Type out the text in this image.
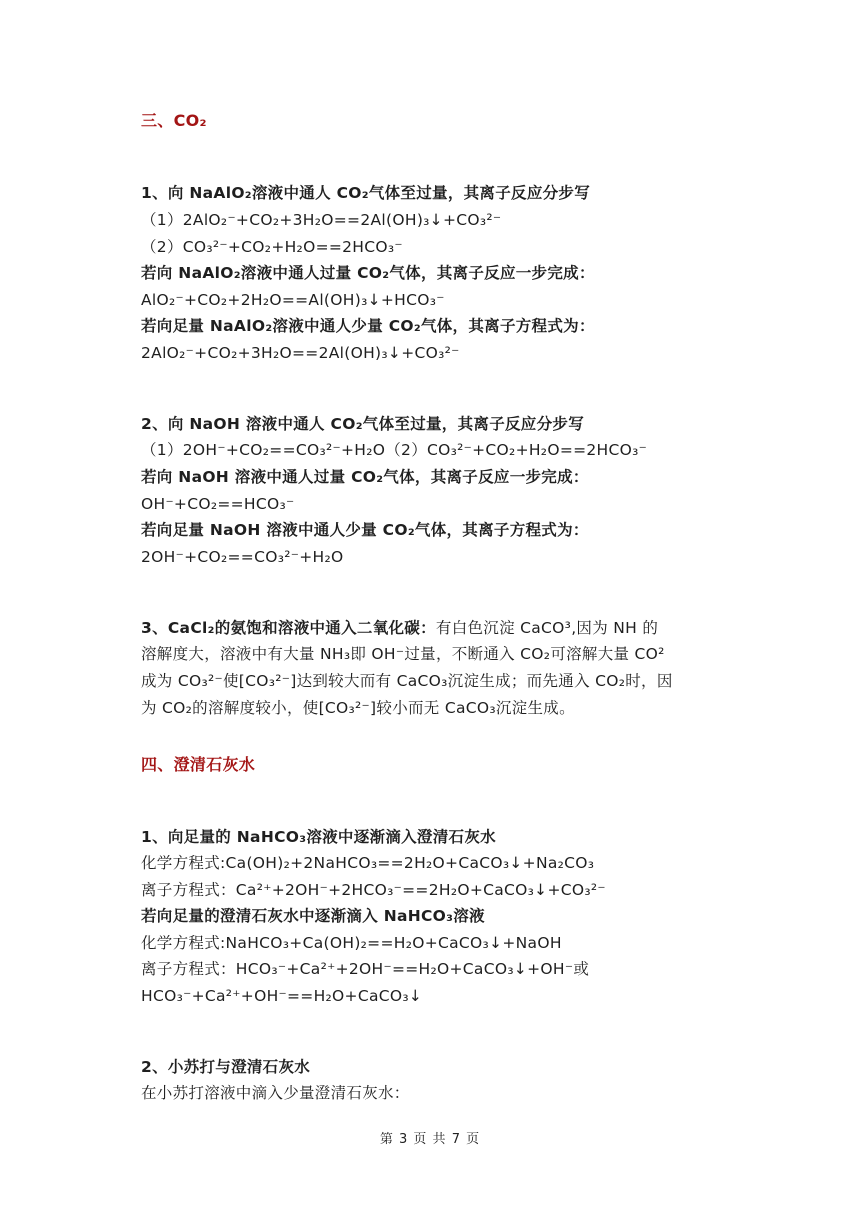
三、CO₂
1、向 NaAlO₂溶液中通人 CO₂气体至过量，其离子反应分步写
（1）2AlO₂⁻+CO₂+3H₂O==2Al(OH)₃↓+CO₃²⁻
（2）CO₃²⁻+CO₂+H₂O==2HCO₃⁻
若向 NaAlO₂溶液中通人过量 CO₂气体，其离子反应一步完成：
AlO₂⁻+CO₂+2H₂O==Al(OH)₃↓+HCO₃⁻
若向足量 NaAlO₂溶液中通人少量 CO₂气体，其离子方程式为：
2AlO₂⁻+CO₂+3H₂O==2Al(OH)₃↓+CO₃²⁻
2、向 NaOH 溶液中通人 CO₂气体至过量，其离子反应分步写
（1）2OH⁻+CO₂==CO₃²⁻+H₂O（2）CO₃²⁻+CO₂+H₂O==2HCO₃⁻
若向 NaOH 溶液中通人过量 CO₂气体，其离子反应一步完成：
OH⁻+CO₂==HCO₃⁻
若向足量 NaOH 溶液中通人少量 CO₂气体，其离子方程式为：
2OH⁻+CO₂==CO₃²⁻+H₂O
3、CaCl₂的氨饱和溶液中通入二氧化碳：有白色沉淀 CaCO³,因为 NH 的
溶解度大，溶液中有大量 NH₃即 OH⁻过量，不断通入 CO₂可溶解大量 CO²
成为 CO₃²⁻使[CO₃²⁻]达到较大而有 CaCO₃沉淀生成；而先通入 CO₂时，因
为 CO₂的溶解度较小，使[CO₃²⁻]较小而无 CaCO₃沉淀生成。
四、澄清石灰水
1、向足量的 NaHCO₃溶液中逐渐滴入澄清石灰水
化学方程式:Ca(OH)₂+2NaHCO₃==2H₂O+CaCO₃↓+Na₂CO₃
离子方程式：Ca²⁺+2OH⁻+2HCO₃⁻==2H₂O+CaCO₃↓+CO₃²⁻
若向足量的澄清石灰水中逐渐滴入 NaHCO₃溶液
化学方程式:NaHCO₃+Ca(OH)₂==H₂O+CaCO₃↓+NaOH
离子方程式：HCO₃⁻+Ca²⁺+2OH⁻==H₂O+CaCO₃↓+OH⁻或
HCO₃⁻+Ca²⁺+OH⁻==H₂O+CaCO₃↓
2、小苏打与澄清石灰水
在小苏打溶液中滴入少量澄清石灰水：
第 3 页 共 7 页
